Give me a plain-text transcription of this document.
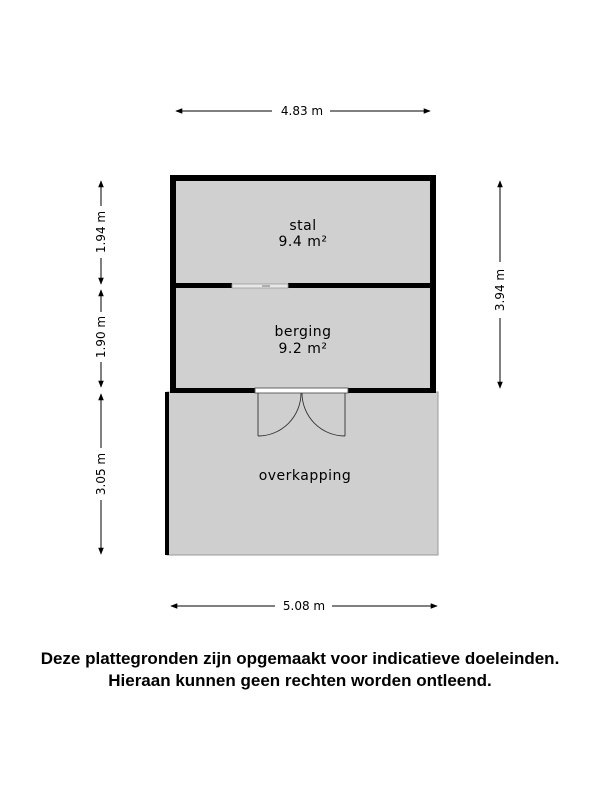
overkapping
stal
9.4 m²
berging
9.2 m²
4.83 m
5.08 m
3.94 m
1.94 m
1.90 m
3.05 m
Deze plattegronden zijn opgemaakt voor indicatieve doeleinden.
Hieraan kunnen geen rechten worden ontleend.
